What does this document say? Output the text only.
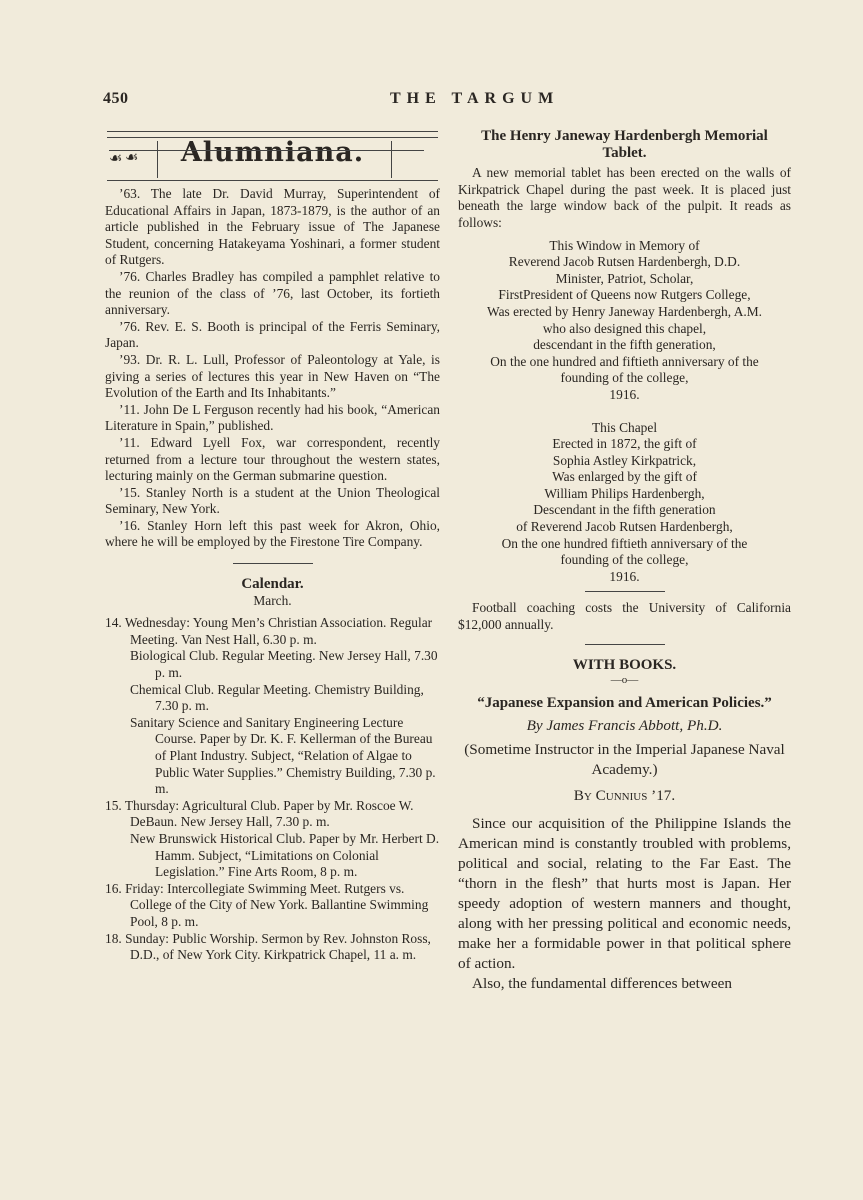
450	THE TARGUM
☙	Alumniana.
☙

’63. The late Dr. David Murray, Superintendent of Educational Affairs in Japan, 1873-1879, is the author of an article published in the February issue of The Japanese Student, concerning Hatakeyama Yoshinari, a former student of Rutgers.

’76. Charles Bradley has compiled a pamphlet relative to the reunion of the class of ’76, last October, its fortieth anniversary.

’76. Rev. E. S. Booth is principal of the Ferris Seminary, Japan.

’93. Dr. R. L. Lull, Professor of Paleontology at Yale, is giving a series of lectures this year in New Haven on “The Evolution of the Earth and Its Inhabitants.”

’11. John De L Ferguson recently had his book, “American Literature in Spain,” published.

’11. Edward Lyell Fox, war correspondent, recently returned from a lecture tour throughout the western states, lecturing mainly on the German submarine question.

’15. Stanley North is a student at the Union Theological Seminary, New York.

’16. Stanley Horn left this past week for Akron, Ohio, where he will be employed by the Firestone Tire Company.

Calendar.
March.

14. Wednesday: Young Men’s Christian Association. Regular Meeting. Van Nest Hall, 6.30 p. m.

Biological Club. Regular Meeting. New Jersey Hall, 7.30 p. m.

Chemical Club. Regular Meeting. Chemistry Building, 7.30 p. m.

Sanitary Science and Sanitary Engineering Lecture Course. Paper by Dr. K. F. Kellerman of the Bureau of Plant Industry. Subject, “Relation of Algae to Public Water Supplies.” Chemistry Building, 7.30 p. m.

15. Thursday: Agricultural Club. Paper by Mr. Roscoe W. DeBaun. New Jersey Hall, 7.30 p. m.

New Brunswick Historical Club. Paper by Mr. Herbert D. Hamm. Subject, “Limitations on Colonial Legislation.” Fine Arts Room, 8 p. m.

16. Friday: Intercollegiate Swimming Meet. Rutgers vs. College of the City of New York. Ballantine Swimming Pool, 8 p. m.

18. Sunday: Public Worship. Sermon by Rev. Johnston Ross, D.D., of New York City. Kirkpatrick Chapel, 11 a. m.

The Henry Janeway Hardenbergh Memorial Tablet.

A new memorial tablet has been erected on the walls of Kirkpatrick Chapel during the past week. It is placed just beneath the large window back of the pulpit. It reads as follows:

This Window in Memory of
Reverend Jacob Rutsen Hardenbergh, D.D.
Minister, Patriot, Scholar,
FirstPresident of Queens now Rutgers College,
Was erected by Henry Janeway Hardenbergh, A.M.
who also designed this chapel,
descendant in the fifth generation,
On the one hundred and fiftieth anniversary of the
founding of the college,
1916.
This Chapel
Erected in 1872, the gift of
Sophia Astley Kirkpatrick,
Was enlarged by the gift of
William Philips Hardenbergh,
Descendant in the fifth generation
of Reverend Jacob Rutsen Hardenbergh,
On the one hundred fiftieth anniversary of the
founding of the college,
1916.

Football coaching costs the University of California $12,000 annually.

WITH BOOKS.
—o—
“Japanese Expansion and American Policies.”
By James Francis Abbott, Ph.D.
(Sometime Instructor in the Imperial Japanese Naval Academy.)
By Cunnius ’17.

Since our acquisition of the Philippine Islands the American mind is constantly troubled with problems, political and social, relating to the Far East. The “thorn in the flesh” that hurts most is Japan. Her speedy adoption of western manners and thought, along with her pressing political and economic needs, make her a formidable power in that political sphere of action.

Also, the fundamental differences between
